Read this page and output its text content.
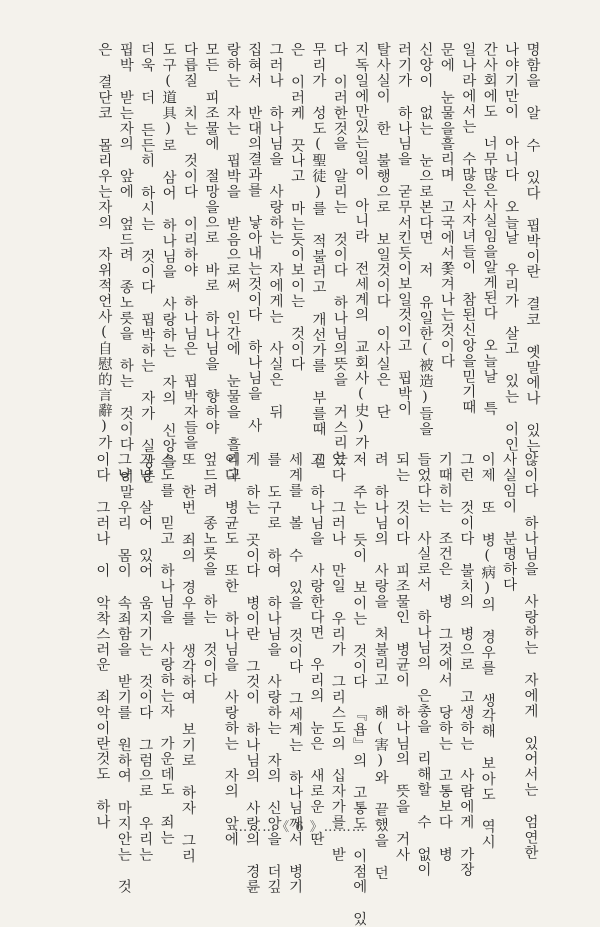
명함을 알 수 있다 핍박이란 결코 옛말에나 있는
나야기만이 아니다 오늘날 우리가 살고 있는 이인
간사회에도 너무많은사실임을알게된다 오늘날 특
일나라에서는 수많은사자녀들이 참된신앙을믿기때
문에 눈물을흘리며 고국에서쫓겨나는것이다
신앙이 없는 눈으로본다면 저 유일한(被造)들을
러기가 하나님을 굳무서킨듯이보일것이고 핍박이
탈사실이 한 불행으로 보일것이다 이사실은 단
지독일에만있는일이 아니라 전세계의 교회사(史)가
다 이러한것을 알리는 것이다 하나님의뜻을 거스리는
무리가 성도(聖徒)를 적불러고 개선가를 부를때 실
은 이러케 끗나고 마는듯이보이는 것이다
그러나 하나님을 사랑하는 자에게는 사실은 뒤
집혀서 반대의결과를 낳아내는것이다 하나님을 사
랑하는 자는 핍박을 받음으로써 인간에 눈물을 흘리고
모든 피조물에 절망을으로 바로 하나님을 향하야
다릅질 치는 것이다 이리하야 하나님은 핍박자들을
도구(道具)로 삼어 하나님을 사랑하는 자의 신앙을
더욱 더 든든히 하시는 것이다 핍박하는 자가 실상은
핍박 받는자의 앞에 엎드려 종노릇을 하는 것이다 이말
은 결단코 몰리우는자의 자위적언사(自慰的言辭)가
않이다 하나님을 사랑하는 자에게 있어서는 엄연한
사실임이 분명하다
이제 또 병(病)의 경우를 생각해 보아도 역시
그런 것이다 불치의 병으로 고생하는 사람에게 가장
기때히는 조건은 병 그것에서 당하는 고통보다 병
들었다는 사실로서 하나님의 은총을 리해할 수 없이
되는 것이다 피조물인 병균이 하나님의 뜻을 거사
려 하나님의 사랑을 처불리고 해(害)와 끝했을 던
저 주는 듯이 보이는 것이다 『욥』의 고통도 이점에 있
었다 그러나 만일 우리가 그리스도의 십자가를 받
고 하나님을 사랑한다면 우리의 눈은 새로운 딴
세계를 볼 수 있을 것이다 그세계는 하나님께서 병기
를 도구로 하여 하나님을 사랑하는 자의 신앙을 더깊
게 하는 곳이다 병이란 그것이 하나님의 사랑의 경륜
이다 병균도 또한 하나님을 사랑하는 자의 앞에
엎드려 종노릇을 하는 것이다
또 한번 죄의 경우를 생각하여 보기로 하자 그리
스도를 믿고 하나님을 사랑하는자 가운데도 죄는
그냥 살어 있어 움지기는 것이다 그럼으로 우리는
그냥 우리 몸이 속죄함을 받기를 원하여 마지안는 것
이다 그러나 이 악착스러운 죄악이란것도 하나	………《 6 》………
